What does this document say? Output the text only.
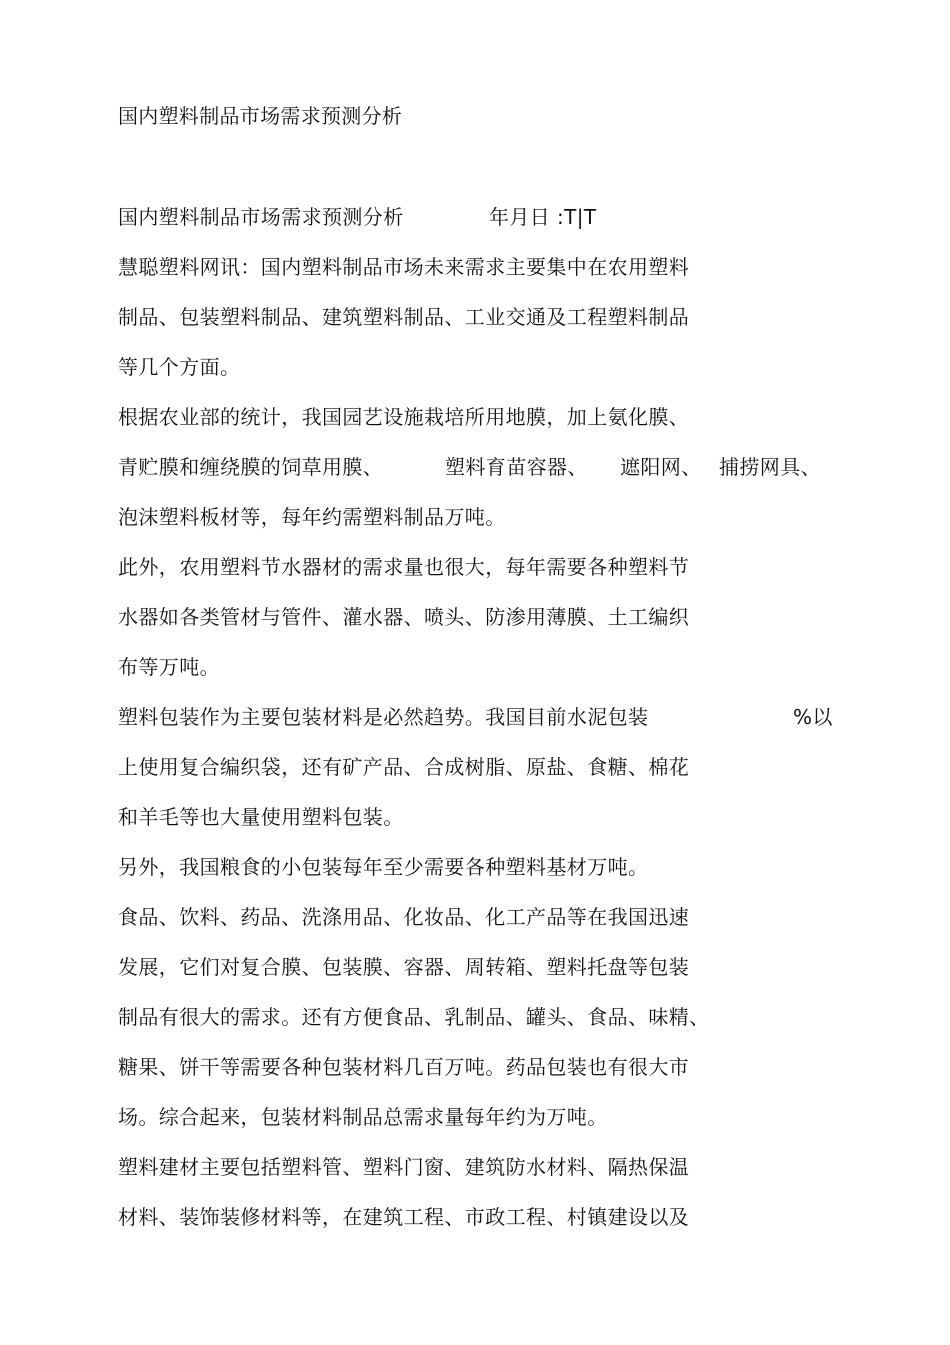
国内塑料制品市场需求预测分析

国内塑料制品市场需求预测分析

	年月日 :T|T

慧聪塑料网讯：国内塑料制品市场未来需求主要集中在农用塑料
制品、包装塑料制品、建筑塑料制品、工业交通及工程塑料制品
等几个方面。
根据农业部的统计，我国园艺设施栽培所用地膜，加上氨化膜、

青贮膜和缠绕膜的饲草用膜、

	塑料育苗容器、

遮阳网、

捕捞网具、

泡沫塑料板材等，每年约需塑料制品万吨。
此外，农用塑料节水器材的需求量也很大，每年需要各种塑料节
水器如各类管材与管件、灌水器、喷头、防渗用薄膜、土工编织
布等万吨。

塑料包装作为主要包装材料是必然趋势。我国目前水泥包装

	%以

上使用复合编织袋，还有矿产品、合成树脂、原盐、食糖、棉花
和羊毛等也大量使用塑料包装。
另外，我国粮食的小包装每年至少需要各种塑料基材万吨。
食品、饮料、药品、洗涤用品、化妆品、化工产品等在我国迅速
发展，它们对复合膜、包装膜、容器、周转箱、塑料托盘等包装
制品有很大的需求。还有方便食品、乳制品、罐头、食品、味精、
糖果、饼干等需要各种包装材料几百万吨。药品包装也有很大市
场。综合起来，包装材料制品总需求量每年约为万吨。
塑料建材主要包括塑料管、塑料门窗、建筑防水材料、隔热保温
材料、装饰装修材料等，在建筑工程、市政工程、村镇建设以及
